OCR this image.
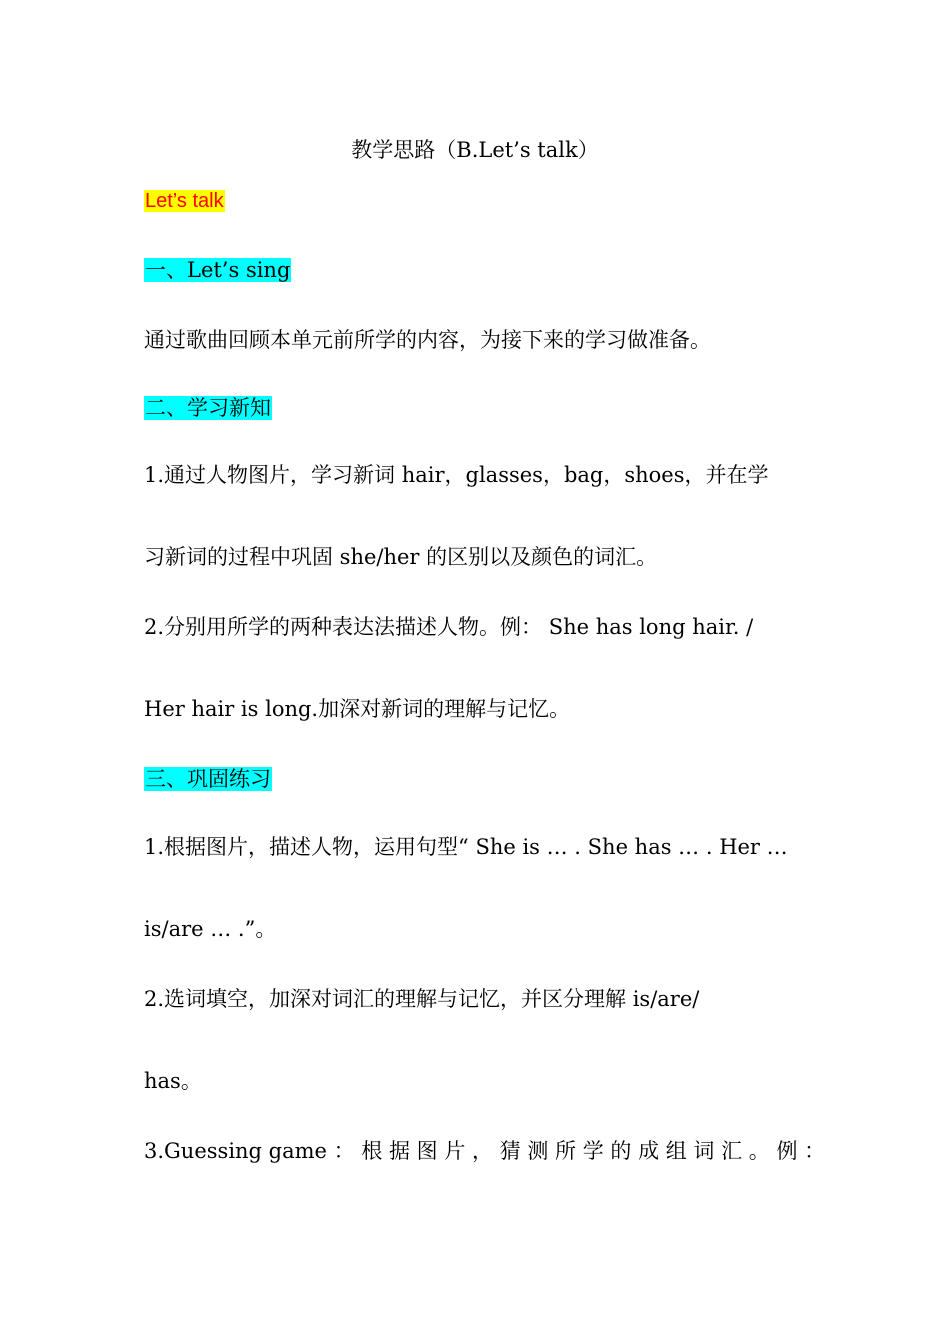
教学思路（B.Let’s talk）
Let’s talk
一、Let’s sing
通过歌曲回顾本单元前所学的内容，为接下来的学习做准备。
二、学习新知
1.通过人物图片，学习新词 hair，glasses，bag，shoes，并在学
习新词的过程中巩固 she/her 的区别以及颜色的词汇。
2.分别用所学的两种表达法描述人物。例： She has long hair. /
Her hair is long.加深对新词的理解与记忆。
三、巩固练习
1.根据图片，描述人物，运用句型“ She is … . She has … . Her …
is/are … .”。
2.选词填空，加深对词汇的理解与记忆，并区分理解 is/are/
has。
3.Guessing game ： 根 据 图 片 ， 猜 测 所 学 的 成 组 词 汇 。 例 ：
